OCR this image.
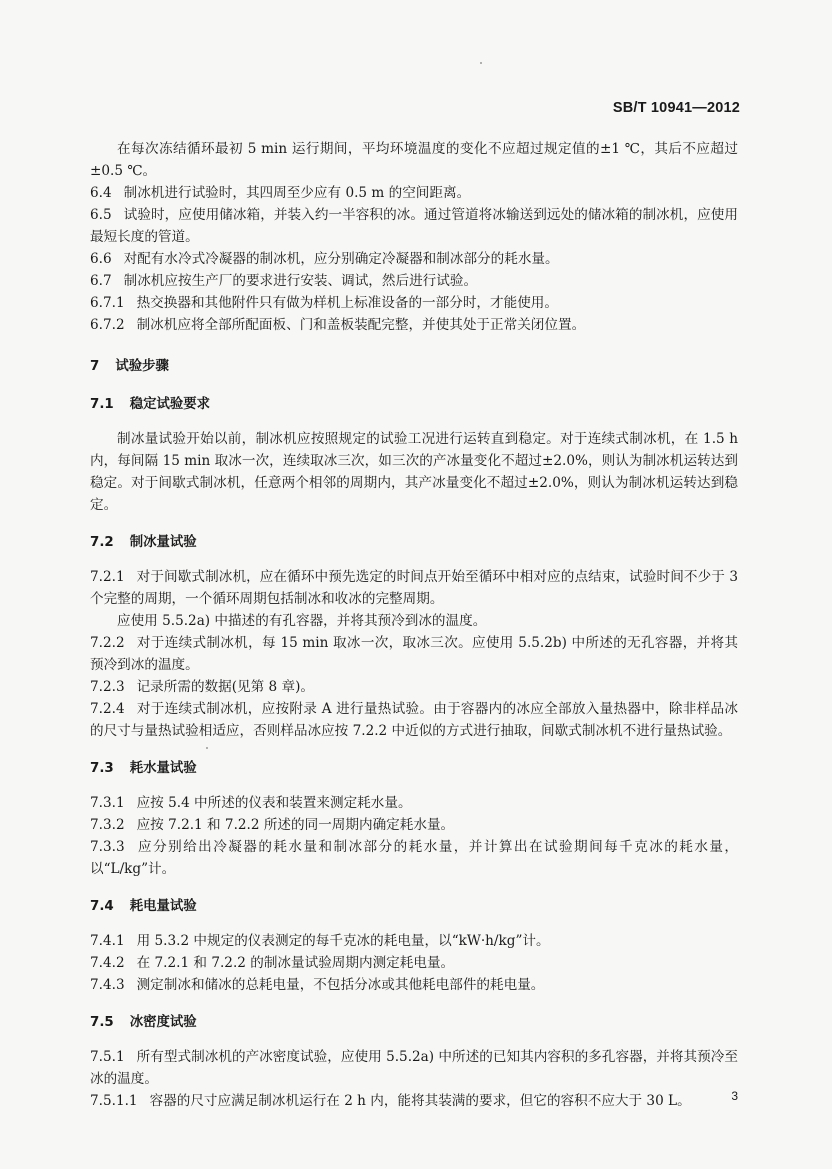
SB/T 10941—2012

在每次冻结循环最初 5 min 运行期间，平均环境温度的变化不应超过规定值的±1 ℃，其后不应超过±0.5 ℃。

6.4 制冰机进行试验时，其四周至少应有 0.5 m 的空间距离。

6.5 试验时，应使用储冰箱，并装入约一半容积的冰。通过管道将冰输送到远处的储冰箱的制冰机，应使用最短长度的管道。

6.6 对配有水冷式冷凝器的制冰机，应分别确定冷凝器和制冰部分的耗水量。

6.7 制冰机应按生产厂的要求进行安装、调试，然后进行试验。

6.7.1 热交换器和其他附件只有做为样机上标准设备的一部分时，才能使用。

6.7.2 制冰机应将全部所配面板、门和盖板装配完整，并使其处于正常关闭位置。

7 试验步骤

7.1 稳定试验要求

制冰量试验开始以前，制冰机应按照规定的试验工况进行运转直到稳定。对于连续式制冰机，在 1.5 h 内，每间隔 15 min 取冰一次，连续取冰三次，如三次的产冰量变化不超过±2.0%，则认为制冰机运转达到稳定。对于间歇式制冰机，任意两个相邻的周期内，其产冰量变化不超过±2.0%，则认为制冰机运转达到稳定。

7.2 制冰量试验

7.2.1 对于间歇式制冰机，应在循环中预先选定的时间点开始至循环中相对应的点结束，试验时间不少于 3 个完整的周期，一个循环周期包括制冰和收冰的完整周期。

应使用 5.5.2a) 中描述的有孔容器，并将其预冷到冰的温度。

7.2.2 对于连续式制冰机，每 15 min 取冰一次，取冰三次。应使用 5.5.2b) 中所述的无孔容器，并将其预冷到冰的温度。

7.2.3 记录所需的数据(见第 8 章)。

7.2.4 对于连续式制冰机，应按附录 A 进行量热试验。由于容器内的冰应全部放入量热器中，除非样品冰的尺寸与量热试验相适应，否则样品冰应按 7.2.2 中近似的方式进行抽取，间歇式制冰机不进行量热试验。

7.3 耗水量试验

7.3.1 应按 5.4 中所述的仪表和装置来测定耗水量。

7.3.2 应按 7.2.1 和 7.2.2 所述的同一周期内确定耗水量。

7.3.3 应分别给出冷凝器的耗水量和制冰部分的耗水量，并计算出在试验期间每千克冰的耗水量，以“L/kg”计。

7.4 耗电量试验

7.4.1 用 5.3.2 中规定的仪表测定的每千克冰的耗电量，以“kW·h/kg”计。

7.4.2 在 7.2.1 和 7.2.2 的制冰量试验周期内测定耗电量。

7.4.3 测定制冰和储冰的总耗电量，不包括分冰或其他耗电部件的耗电量。

7.5 冰密度试验

7.5.1 所有型式制冰机的产冰密度试验，应使用 5.5.2a) 中所述的已知其内容积的多孔容器，并将其预冷至冰的温度。

7.5.1.1 容器的尺寸应满足制冰机运行在 2 h 内，能将其装满的要求，但它的容积不应大于 30 L。	3
